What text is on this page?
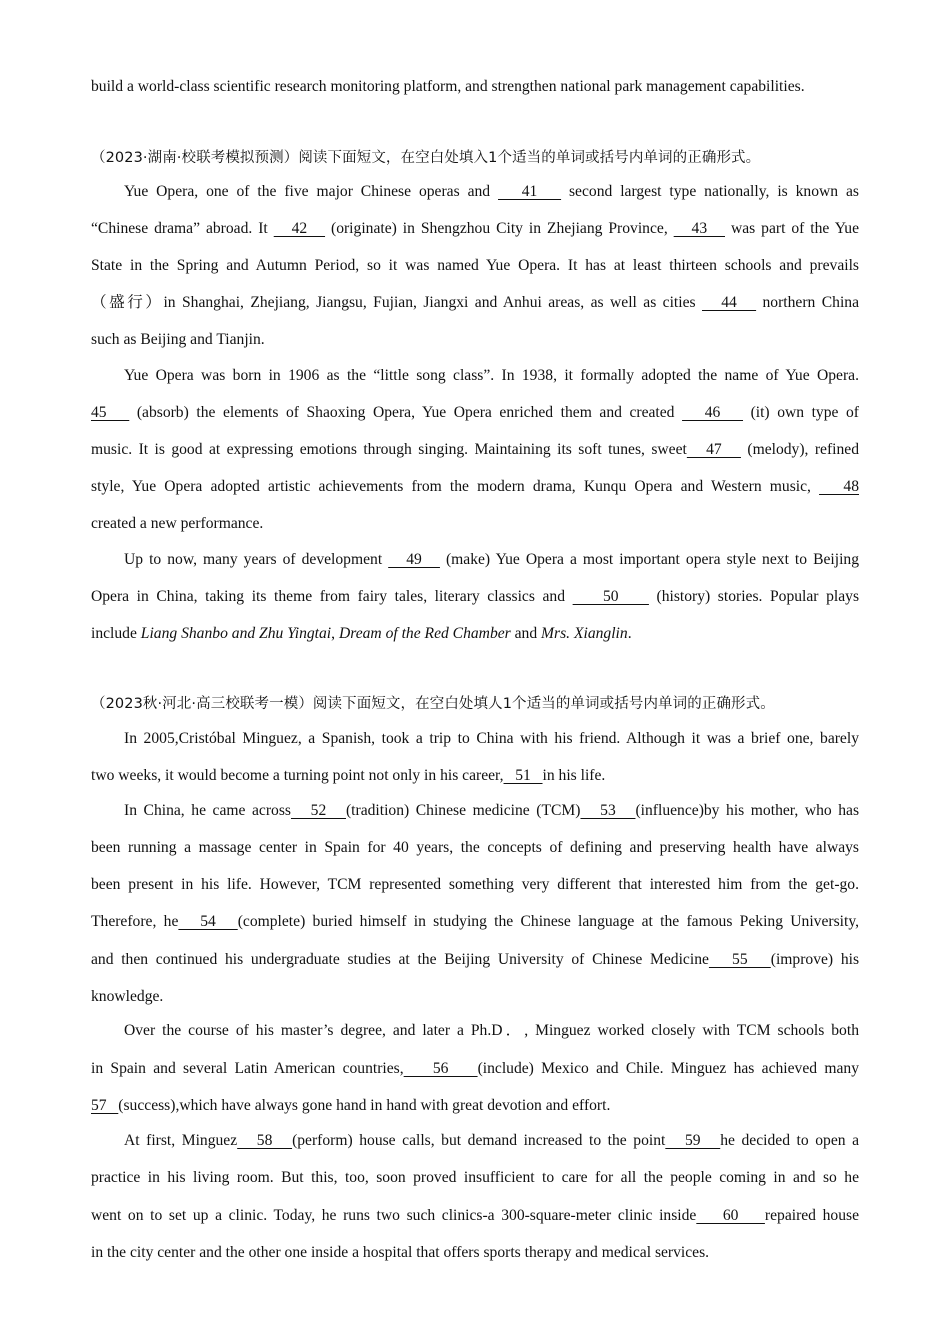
build a world-class scientific research monitoring platform, and strengthen national park management capabilities.
（2023·湖南·校联考模拟预测）阅读下面短文，在空白处填入1个适当的单词或括号内单词的正确形式。
Yue Opera, one of the five major Chinese operas and    41    second largest type nationally, is known as
“Chinese drama” abroad. It    42    (originate) in Shengzhou City in Zhejiang Province,    43    was part of the Yue
State in the Spring and Autumn Period, so it was named Yue Opera. It has at least thirteen schools and prevails
（盛行）in Shanghai, Zhejiang, Jiangsu, Fujian, Jiangxi and Anhui areas, as well as cities    44    northern China
such as Beijing and Tianjin.
Yue Opera was born in 1906 as the “little song class”. In 1938, it formally adopted the name of Yue Opera.
45    (absorb) the elements of Shaoxing Opera, Yue Opera enriched them and created    46    (it) own type of
music. It is good at expressing emotions through singing. Maintaining its soft tunes, sweet   47    (melody), refined
style, Yue Opera adopted artistic achievements from the modern drama, Kunqu Opera and Western music,    48
created a new performance.
Up to now, many years of development    49    (make) Yue Opera a most important opera style next to Beijing
Opera in China, taking its theme from fairy tales, literary classics and     50     (history) stories. Popular plays
include Liang Shanbo and Zhu Yingtai, Dream of the Red Chamber and Mrs. Xianglin.
（2023秋·河北·高三校联考一模）阅读下面短文，在空白处填人1个适当的单词或括号内单词的正确形式。
In 2005,Cristóbal Minguez, a Spanish, took a trip to China with his friend. Although it was a brief one, barely
two weeks, it would become a turning point not only in his career,   51   in his life.
In China, he came across   52   (tradition) Chinese medicine (TCM)   53   (influence)by his mother, who has
been running a massage center in Spain for 40 years, the concepts of defining and preserving health have always
been present in his life. However, TCM represented something very different that interested him from the get-go.
Therefore, he   54   (complete) buried himself in studying the Chinese language at the famous Peking University,
and then continued his undergraduate studies at the Beijing University of Chinese Medicine   55   (improve) his
knowledge.
Over the course of his master’s degree, and later a Ph.D．, Minguez worked closely with TCM schools both
in Spain and several Latin American countries,    56    (include) Mexico and Chile. Minguez has achieved many
57   (success),which have always gone hand in hand with great devotion and effort.
At first, Minguez   58   (perform) house calls, but demand increased to the point   59   he decided to open a
practice in his living room. But this, too, soon proved insufficient to care for all the people coming in and so he
went on to set up a clinic. Today, he runs two such clinics-a 300-square-meter clinic inside    60    repaired house
in the city center and the other one inside a hospital that offers sports therapy and medical services.
